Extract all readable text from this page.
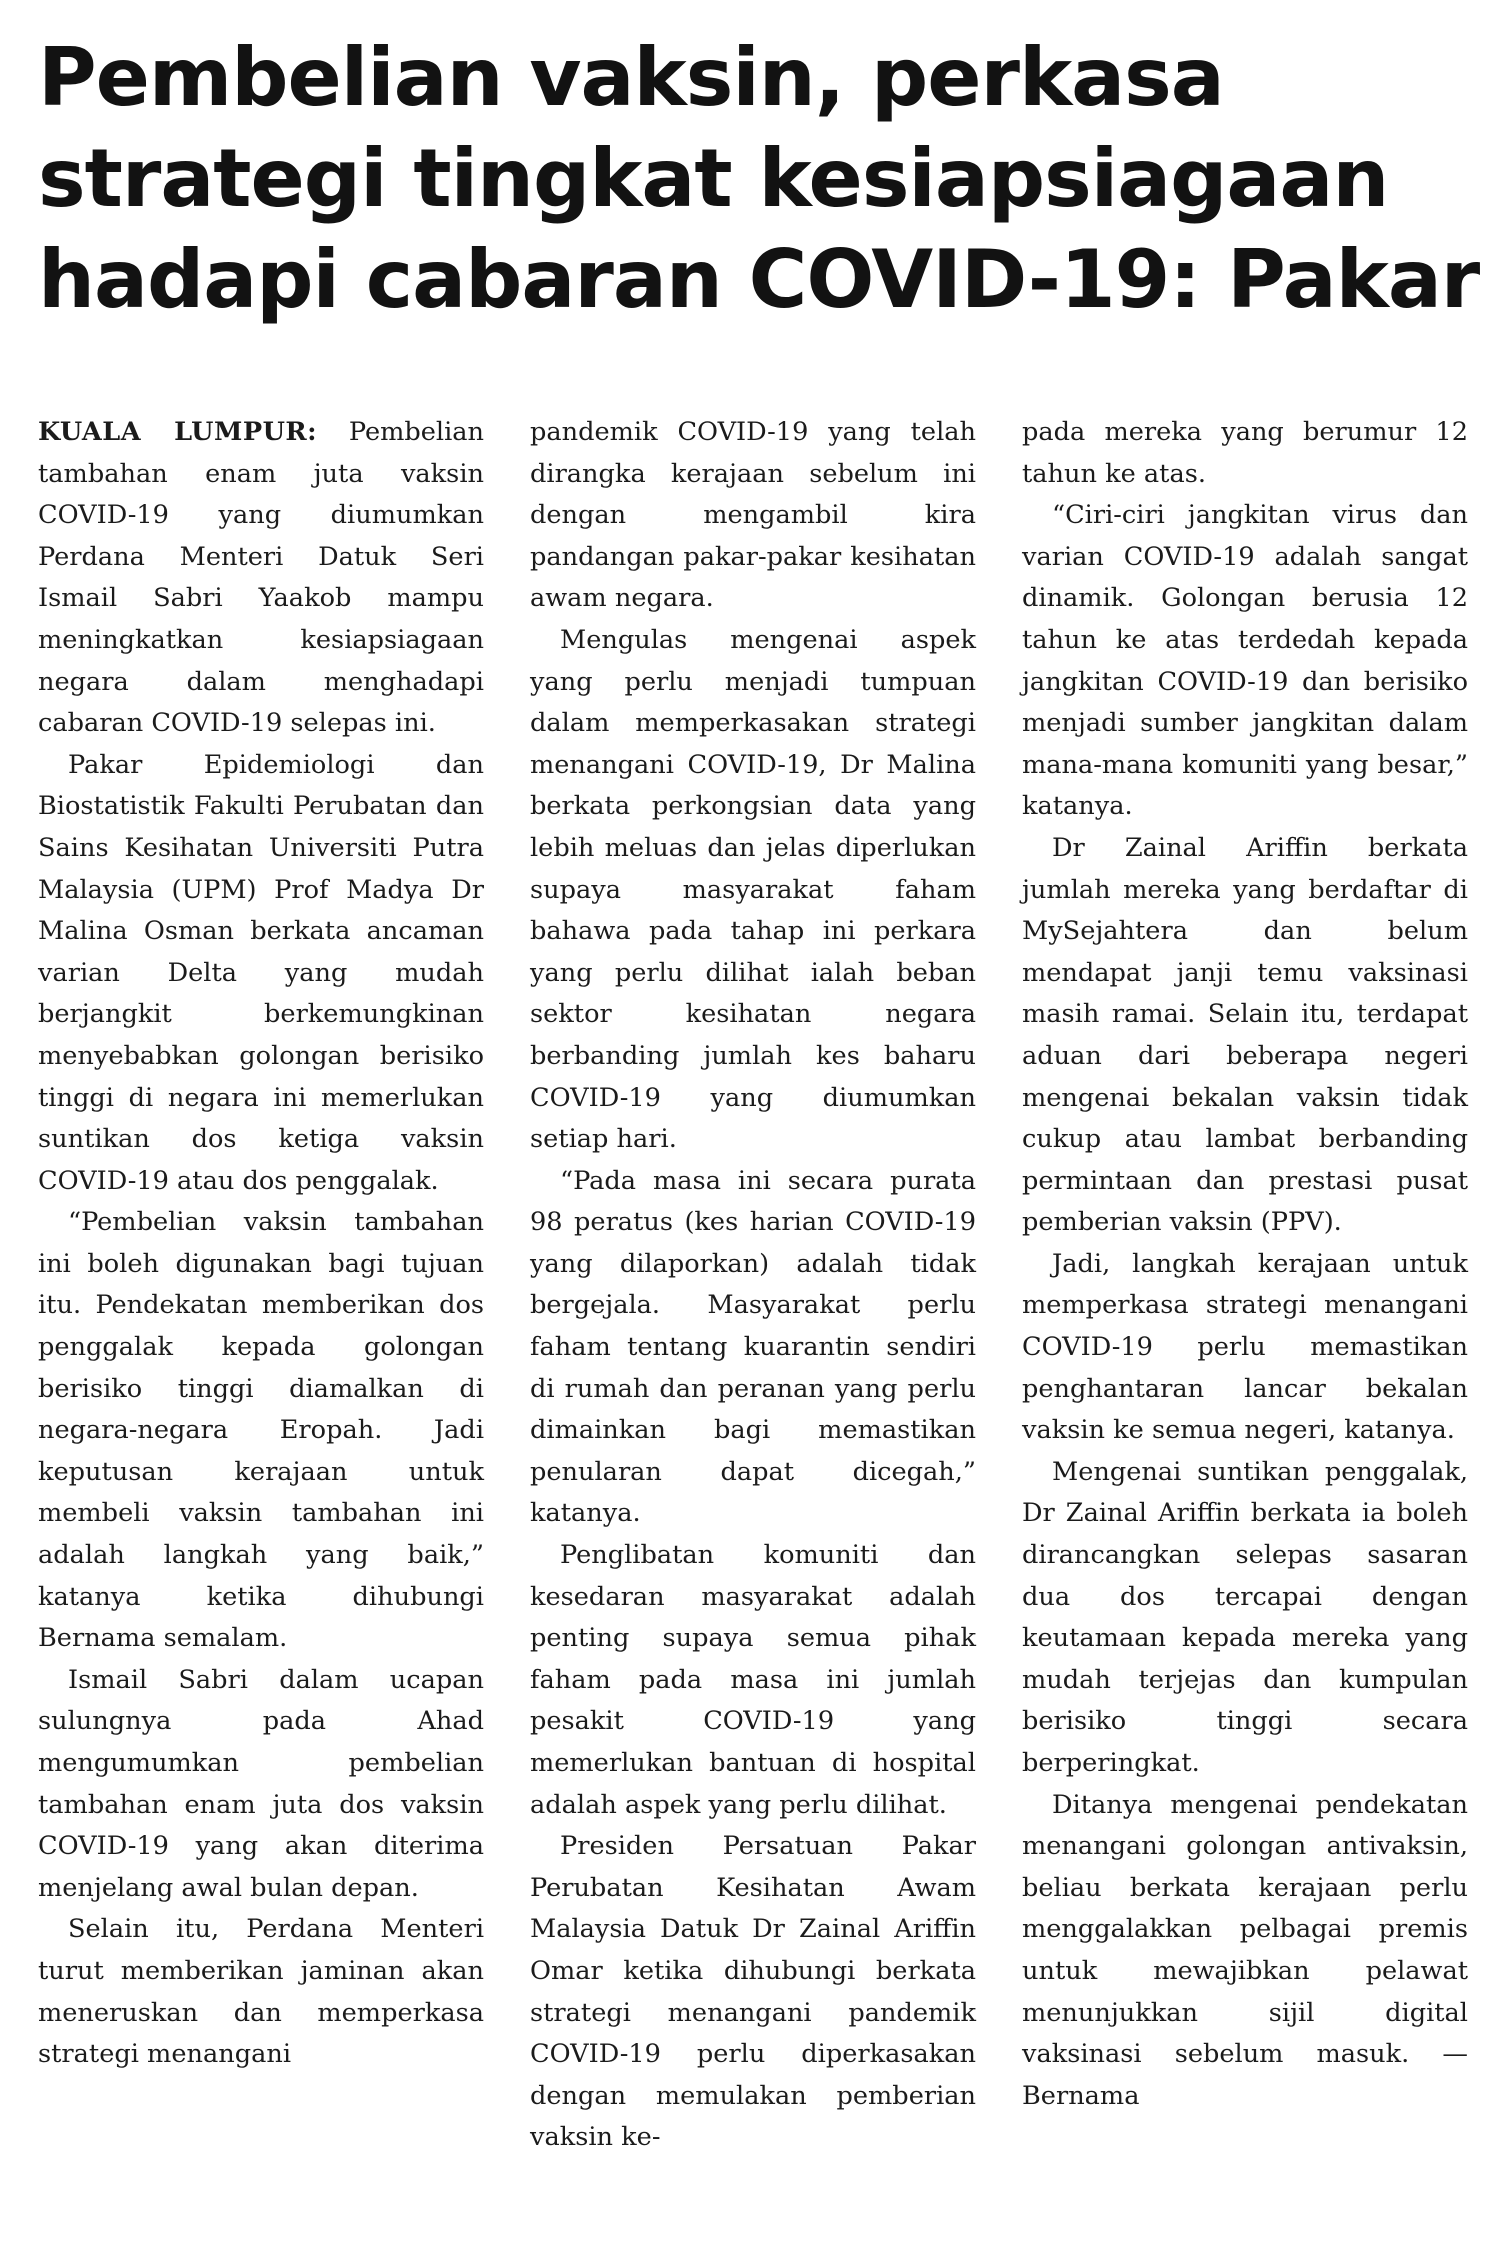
Pembelian vaksin, perkasa
strategi tingkat kesiapsiagaan
hadapi cabaran COVID-19: Pakar

KUALA LUMPUR: Pembelian tambahan enam juta vaksin COVID-19 yang diumumkan Perdana Menteri Datuk Seri Ismail Sabri Yaakob mampu meningkatkan kesiapsiagaan negara dalam menghadapi cabaran COVID-19 selepas ini.

Pakar Epidemiologi dan Biostatistik Fakulti Perubatan dan Sains Kesihatan Universiti Putra Malaysia (UPM) Prof Madya Dr Malina Osman berkata ancaman varian Delta yang mudah berjangkit berkemungkinan menyebabkan golongan berisiko tinggi di negara ini memerlukan suntikan dos ketiga vaksin COVID-19 atau dos penggalak.

“Pembelian vaksin tambahan ini boleh digunakan bagi tujuan itu. Pendekatan memberikan dos penggalak kepada golongan berisiko tinggi diamalkan di negara-negara Eropah. Jadi keputusan kerajaan untuk membeli vaksin tambahan ini adalah langkah yang baik,” katanya ketika dihubungi Bernama semalam.

Ismail Sabri dalam ucapan sulungnya pada Ahad mengumumkan pembelian tambahan enam juta dos vaksin COVID-19 yang akan diterima menjelang awal bulan depan.

Selain itu, Perdana Menteri turut memberikan jaminan akan meneruskan dan memperkasa strategi menangani

pandemik COVID-19 yang telah dirangka kerajaan sebelum ini dengan mengambil kira pandangan pakar-pakar kesihatan awam negara.

Mengulas mengenai aspek yang perlu menjadi tumpuan dalam memperkasakan strategi menangani COVID-19, Dr Malina berkata perkongsian data yang lebih meluas dan jelas diperlukan supaya masyarakat faham bahawa pada tahap ini perkara yang perlu dilihat ialah beban sektor kesihatan negara berbanding jumlah kes baharu COVID-19 yang diumumkan setiap hari.

“Pada masa ini secara purata 98 peratus (kes harian COVID-19 yang dilaporkan) adalah tidak bergejala. Masyarakat perlu faham tentang kuarantin sendiri di rumah dan peranan yang perlu dimainkan bagi memastikan penularan dapat dicegah,” katanya.

Penglibatan komuniti dan kesedaran masyarakat adalah penting supaya semua pihak faham pada masa ini jumlah pesakit COVID-19 yang memerlukan bantuan di hospital adalah aspek yang perlu dilihat.

Presiden Persatuan Pakar Perubatan Kesihatan Awam Malaysia Datuk Dr Zainal Ariffin Omar ketika dihubungi berkata strategi menangani pandemik COVID-19 perlu diperkasakan dengan memulakan pemberian vaksin ke-

pada mereka yang berumur 12 tahun ke atas.

“Ciri-ciri jangkitan virus dan varian COVID-19 adalah sangat dinamik. Golongan berusia 12 tahun ke atas terdedah kepada jangkitan COVID-19 dan berisiko menjadi sumber jangkitan dalam mana-mana komuniti yang besar,” katanya.

Dr Zainal Ariffin berkata jumlah mereka yang berdaftar di MySejahtera dan belum mendapat janji temu vaksinasi masih ramai. Selain itu, terdapat aduan dari beberapa negeri mengenai bekalan vaksin tidak cukup atau lambat berbanding permintaan dan prestasi pusat pemberian vaksin (PPV).

Jadi, langkah kerajaan untuk memperkasa strategi menangani COVID-19 perlu memastikan penghantaran lancar bekalan vaksin ke semua negeri, katanya.

Mengenai suntikan penggalak, Dr Zainal Ariffin berkata ia boleh dirancangkan selepas sasaran dua dos tercapai dengan keutamaan kepada mereka yang mudah terjejas dan kumpulan berisiko tinggi secara berperingkat.

Ditanya mengenai pendekatan menangani golongan antivaksin, beliau berkata kerajaan perlu menggalakkan pelbagai premis untuk mewajibkan pelawat menunjukkan sijil digital vaksinasi sebelum masuk. — Bernama
